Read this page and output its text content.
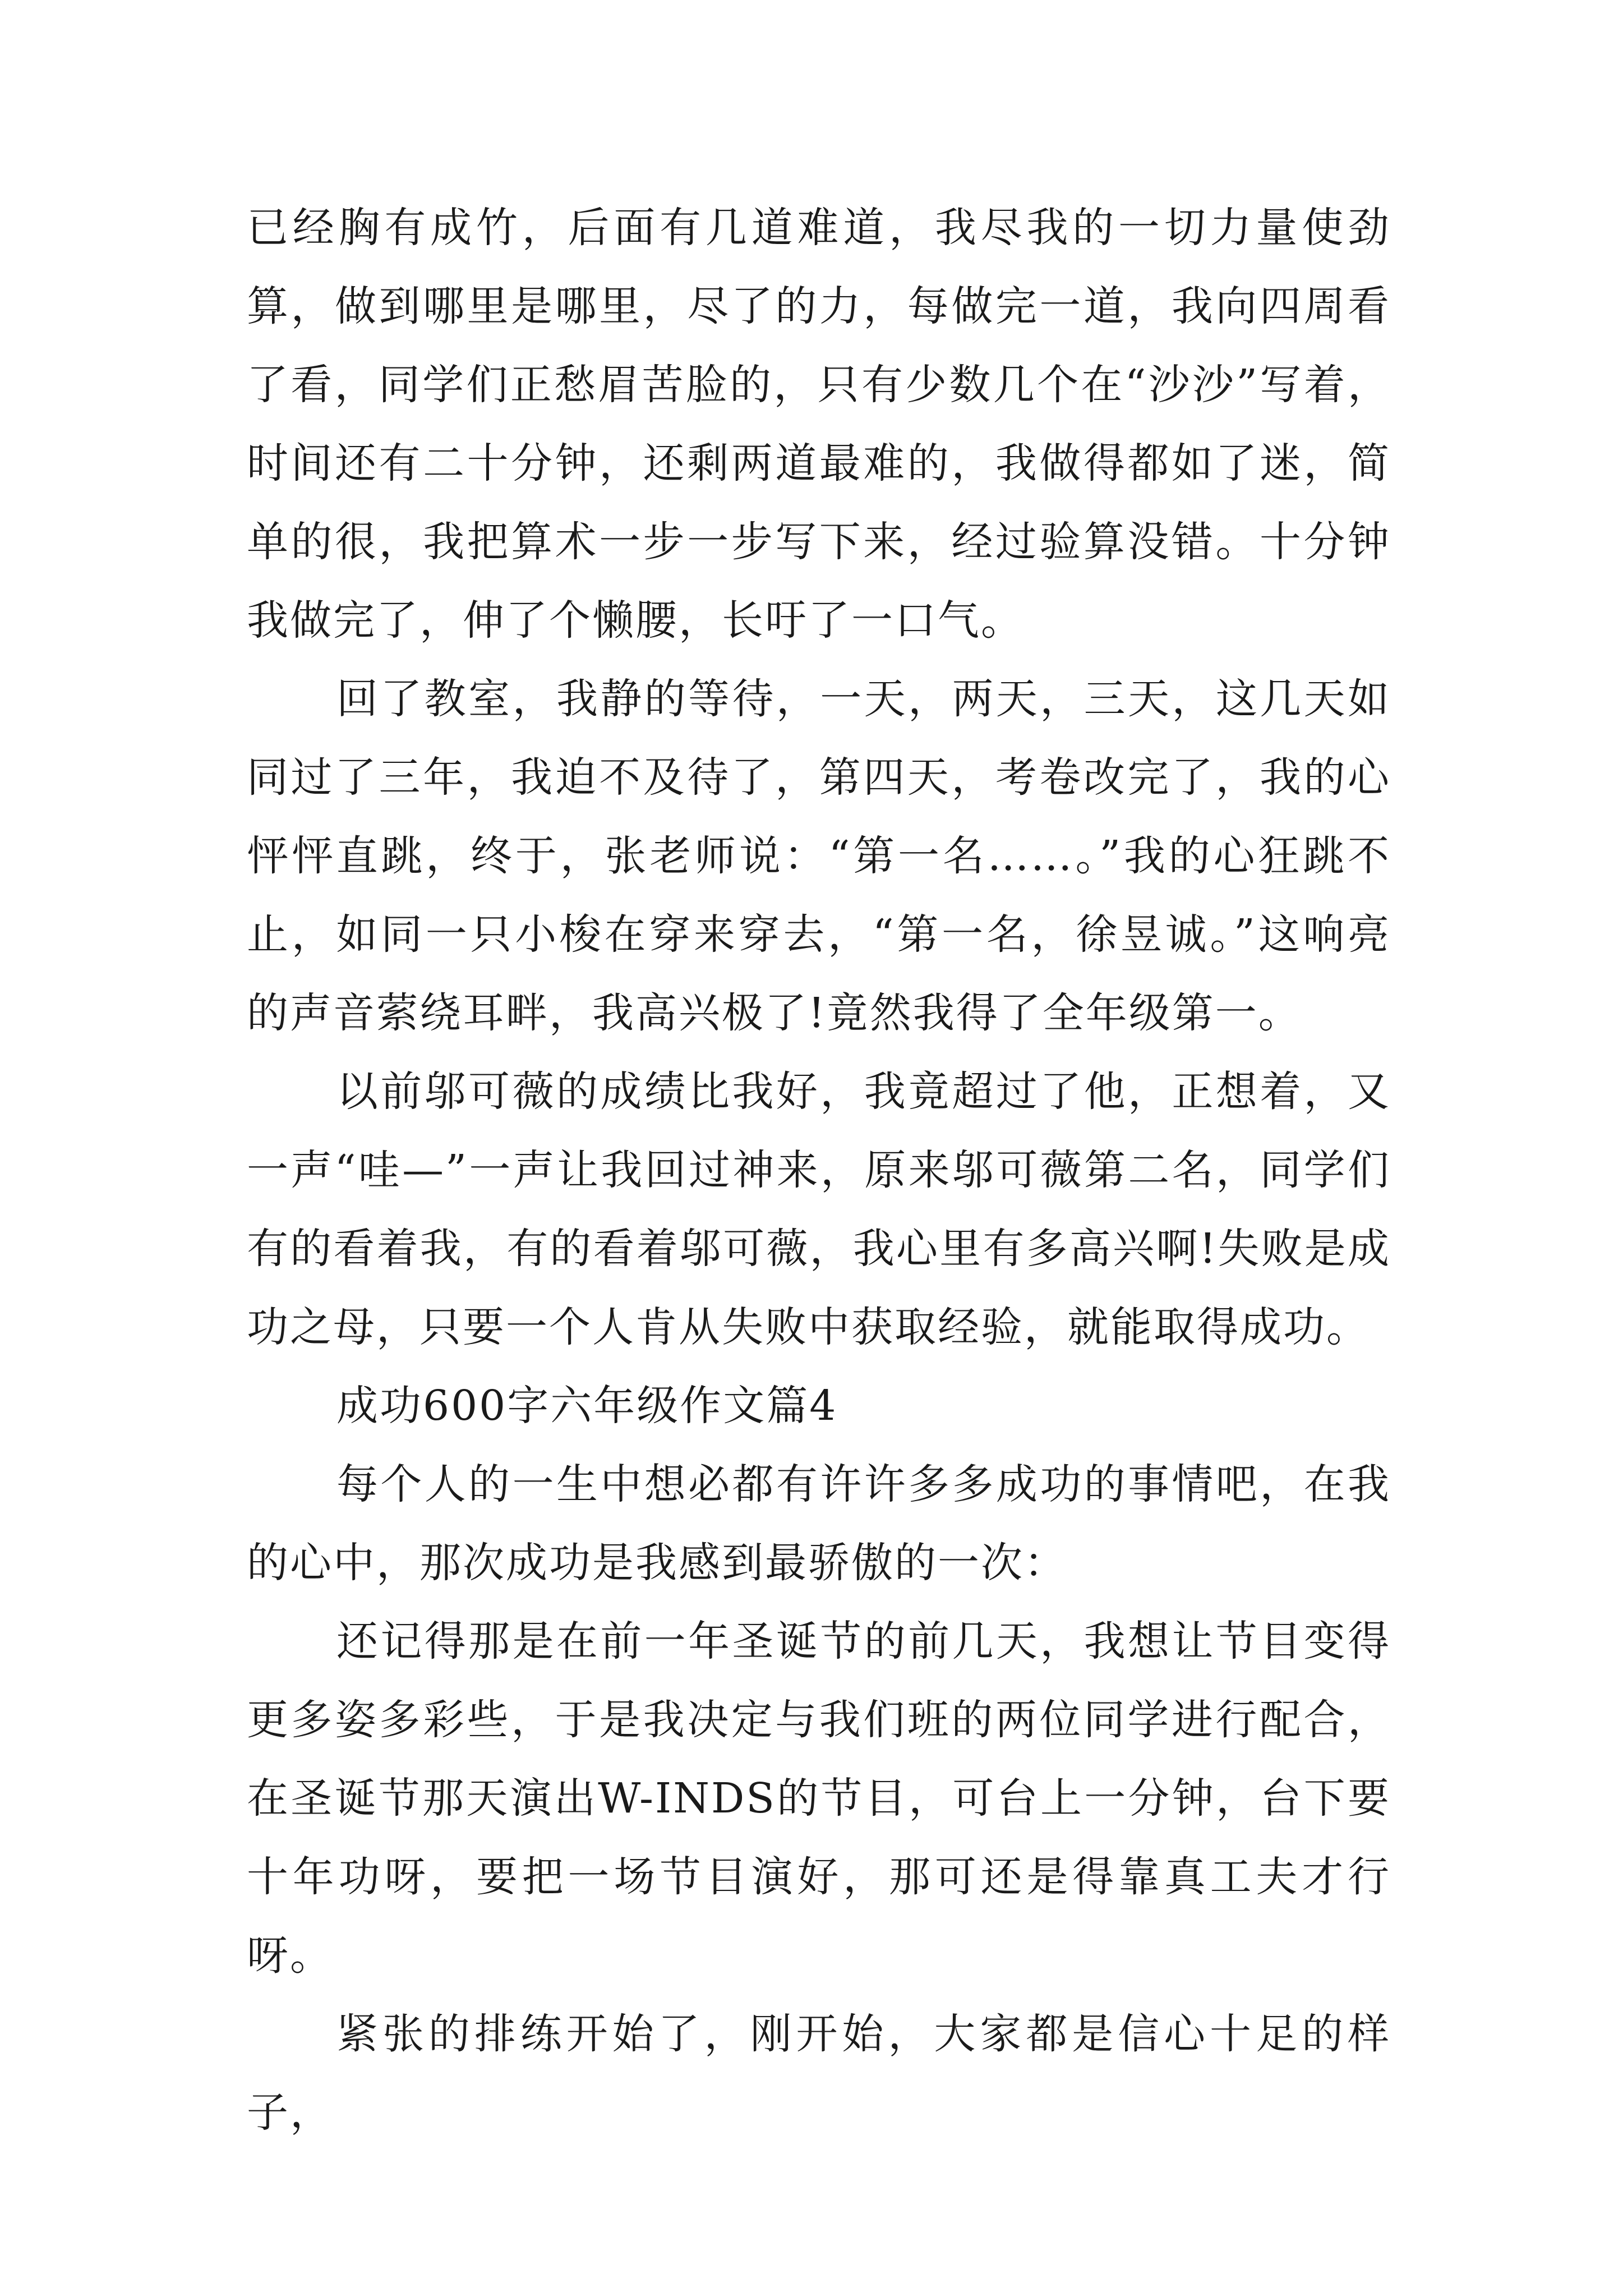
已经胸有成竹，后面有几道难道，我尽我的一切力量使劲算，做到哪里是哪里，尽了的力，每做完一道，我向四周看了看，同学们正愁眉苦脸的，只有少数几个在“沙沙”写着，时间还有二十分钟，还剩两道最难的，我做得都如了迷，简单的很，我把算术一步一步写下来，经过验算没错。十分钟我做完了，伸了个懒腰，长吁了一口气。

回了教室，我静的等待，一天，两天，三天，这几天如同过了三年，我迫不及待了，第四天，考卷改完了，我的心怦怦直跳，终于，张老师说：“第一名……。”我的心狂跳不止，如同一只小梭在穿来穿去，“第一名，徐昱诚。”这响亮的声音萦绕耳畔，我高兴极了!竟然我得了全年级第一。

以前邬可薇的成绩比我好，我竟超过了他，正想着，又一声“哇—”一声让我回过神来，原来邬可薇第二名，同学们有的看着我，有的看着邬可薇，我心里有多高兴啊!失败是成功之母，只要一个人肯从失败中获取经验，就能取得成功。

成功600字六年级作文篇4

每个人的一生中想必都有许许多多成功的事情吧，在我的心中，那次成功是我感到最骄傲的一次：

还记得那是在前一年圣诞节的前几天，我想让节目变得更多姿多彩些，于是我决定与我们班的两位同学进行配合，在圣诞节那天演出W-INDS的节目，可台上一分钟，台下要十年功呀，要把一场节目演好，那可还是得靠真工夫才行呀。

紧张的排练开始了，刚开始，大家都是信心十足的样子，
